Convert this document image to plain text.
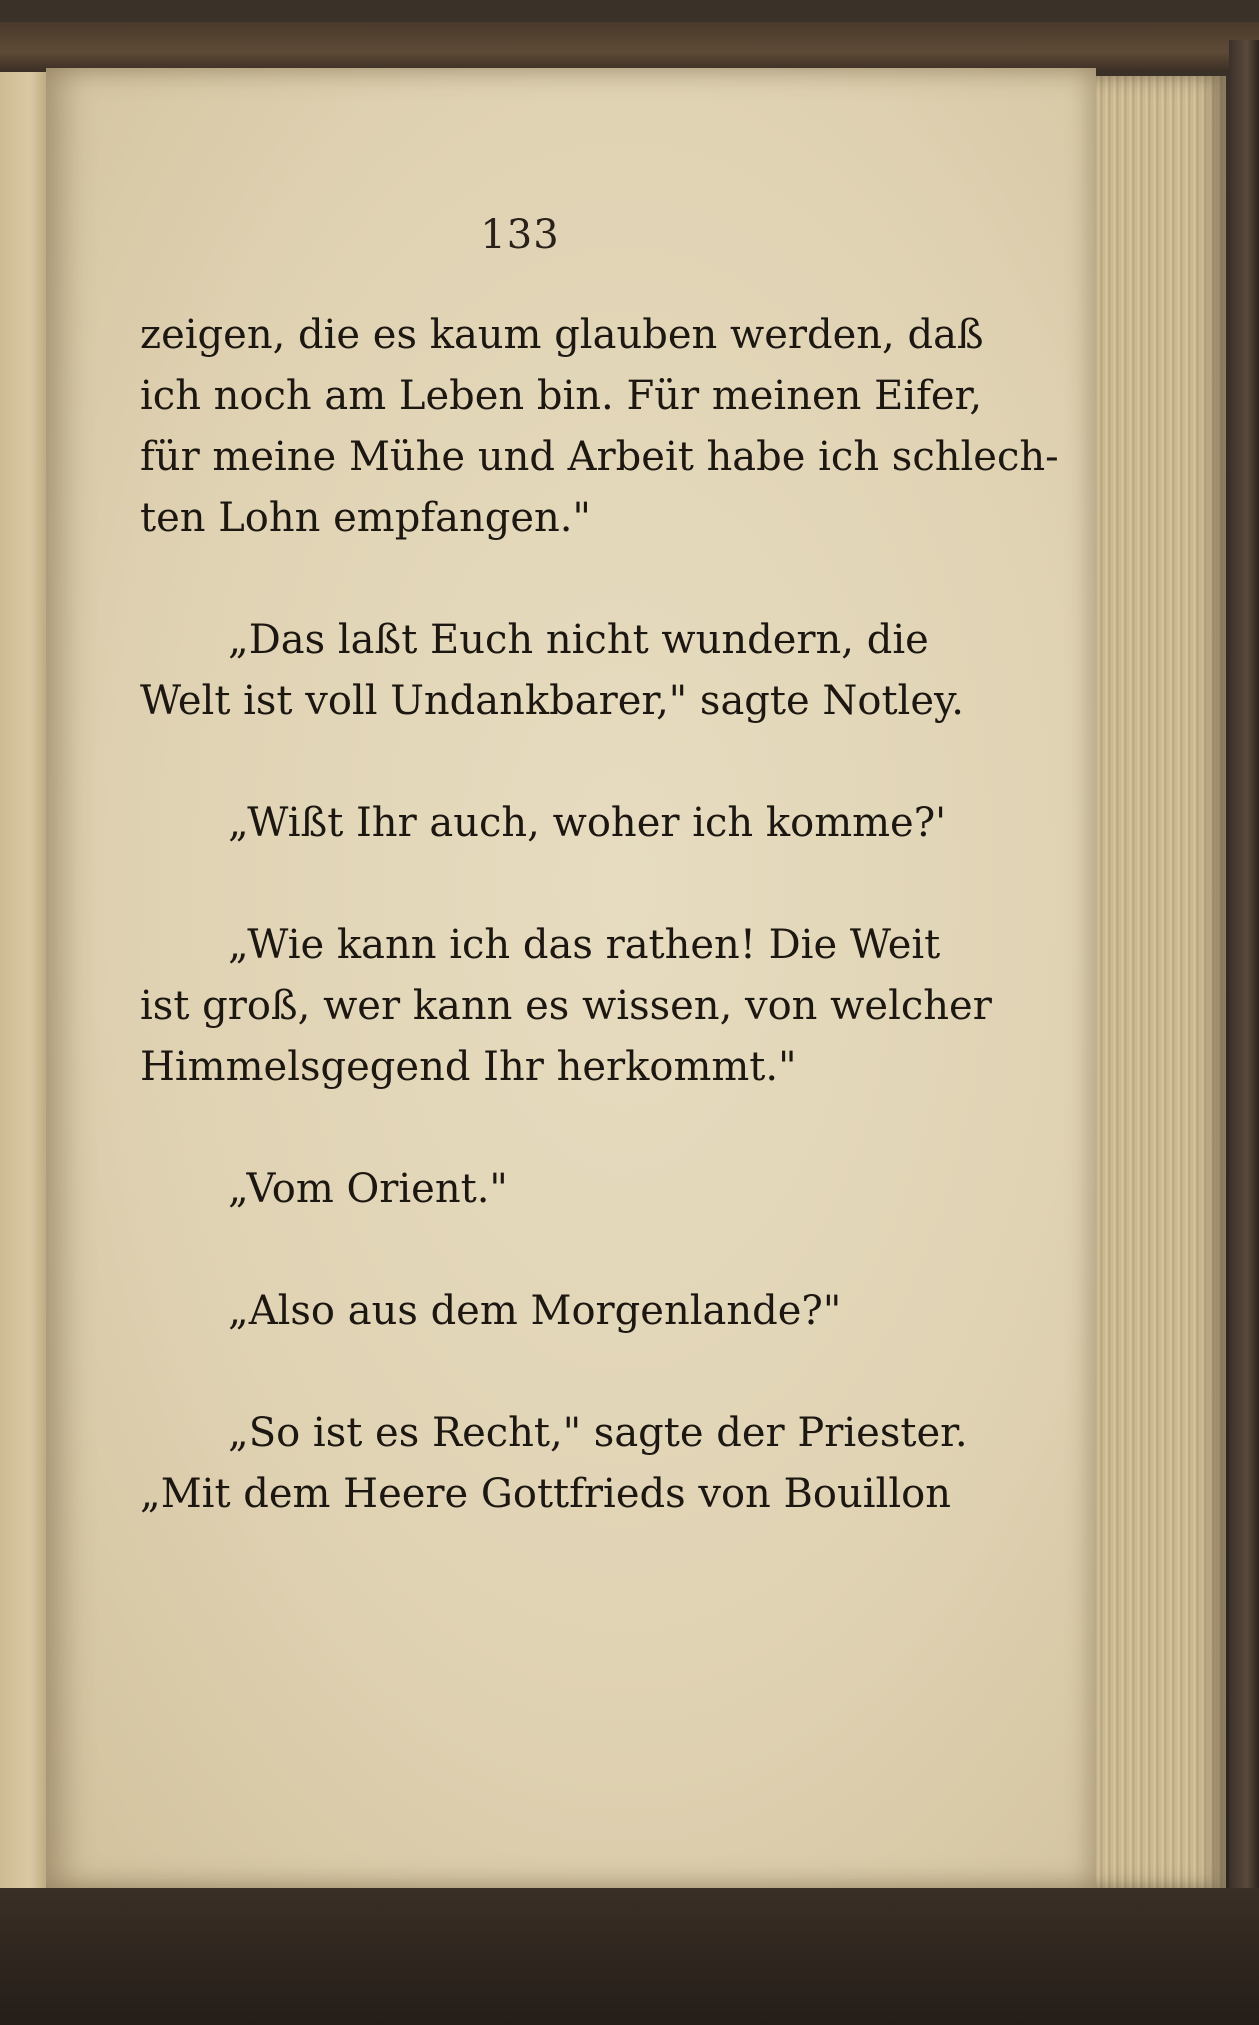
133
zeigen, die es kaum glauben werden, daß
ich noch am Leben bin. Für meinen Eifer,
für meine Mühe und Arbeit habe ich schlech-
ten Lohn empfangen."
„Das laßt Euch nicht wundern, die
Welt ist voll Undankbarer," sagte Notley.
„Wißt Ihr auch, woher ich komme?'
„Wie kann ich das rathen! Die Weit
ist groß, wer kann es wissen, von welcher
Himmelsgegend Ihr herkommt."
„Vom Orient."
„Also aus dem Morgenlande?"
„So ist es Recht," sagte der Priester.
„Mit dem Heere Gottfrieds von Bouillon
